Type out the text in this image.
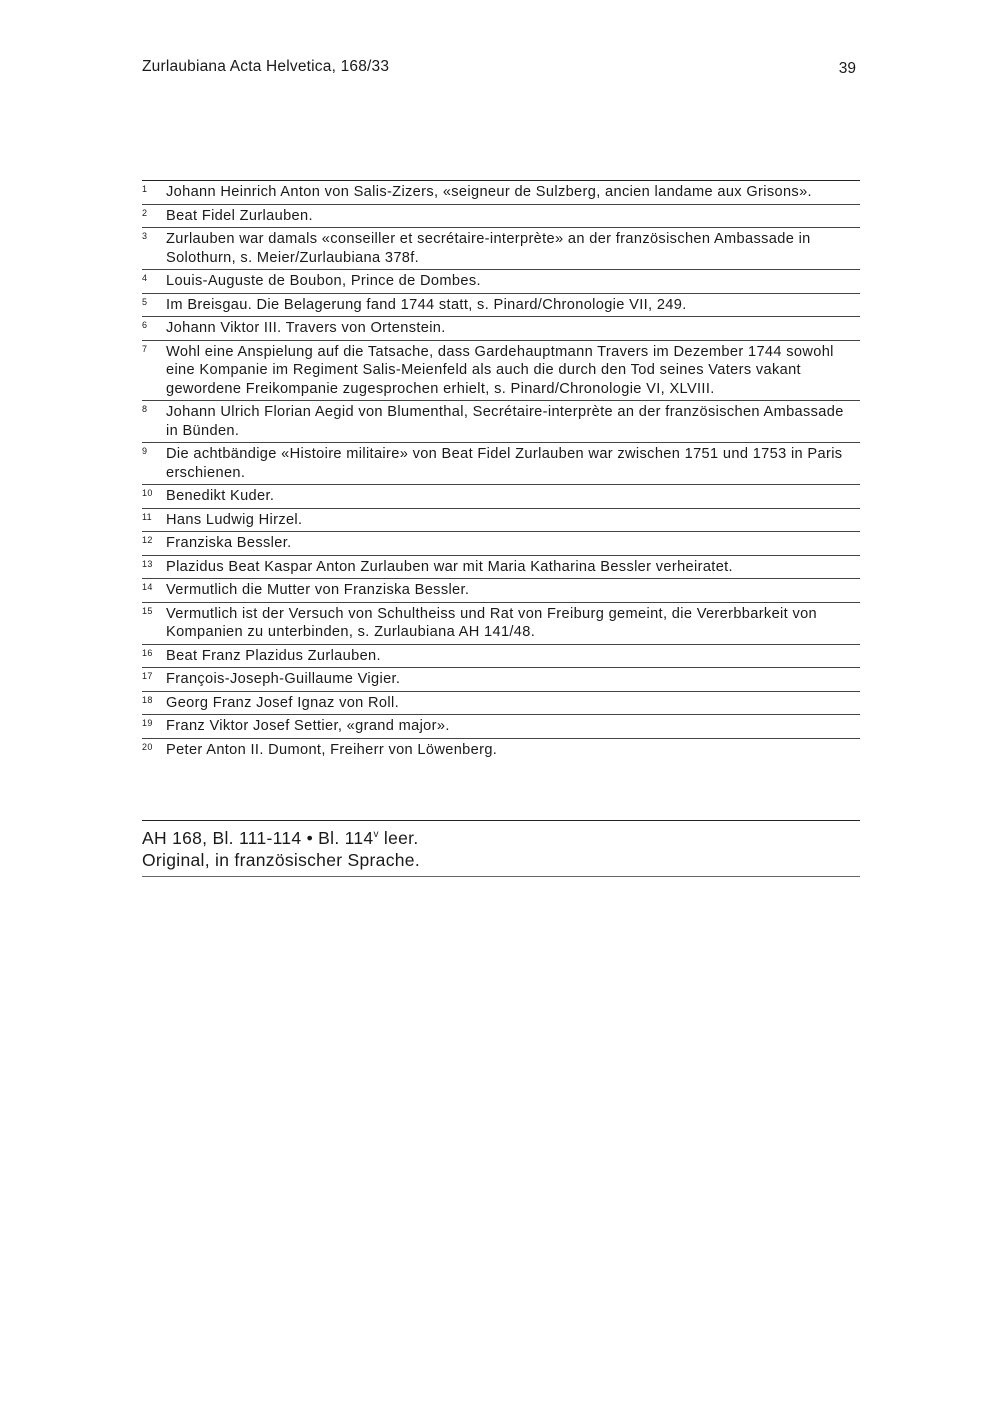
Zurlaubiana Acta Helvetica, 168/33	39
1	Johann Heinrich Anton von Salis-Zizers, «seigneur de Sulzberg, ancien landame aux Grisons».
2	Beat Fidel Zurlauben.
3	Zurlauben war damals «conseiller et secrétaire-interprète» an der französischen Ambassade in Solothurn, s. Meier/Zurlaubiana 378f.
4	Louis-Auguste de Boubon, Prince de Dombes.
5	Im Breisgau. Die Belagerung fand 1744 statt, s. Pinard/Chronologie VII, 249.
6	Johann Viktor III. Travers von Ortenstein.
7	Wohl eine Anspielung auf die Tatsache, dass Gardehauptmann Travers im Dezember 1744 sowohl eine Kompanie im Regiment Salis-Meienfeld als auch die durch den Tod seines Vaters vakant gewordene Freikompanie zugesprochen erhielt, s. Pinard/Chronologie VI, XLVIII.
8	Johann Ulrich Florian Aegid von Blumenthal, Secrétaire-interprète an der französischen Ambassade in Bünden.
9	Die achtbändige «Histoire militaire» von Beat Fidel Zurlauben war zwischen 1751 und 1753 in Paris erschienen.
10 Benedikt Kuder.
11 Hans Ludwig Hirzel.
12 Franziska Bessler.
13 Plazidus Beat Kaspar Anton Zurlauben war mit Maria Katharina Bessler verheiratet.
14 Vermutlich die Mutter von Franziska Bessler.
15 Vermutlich ist der Versuch von Schultheiss und Rat von Freiburg gemeint, die Vererbbarkeit von Kompanien zu unterbinden, s. Zurlaubiana AH 141/48.
16 Beat Franz Plazidus Zurlauben.
17 François-Joseph-Guillaume Vigier.
18 Georg Franz Josef Ignaz von Roll.
19 Franz Viktor Josef Settier, «grand major».
20 Peter Anton II. Dumont, Freiherr von Löwenberg.
AH 168, Bl. 111-114 • Bl. 114$^v$ leer.
Original, in französischer Sprache.
